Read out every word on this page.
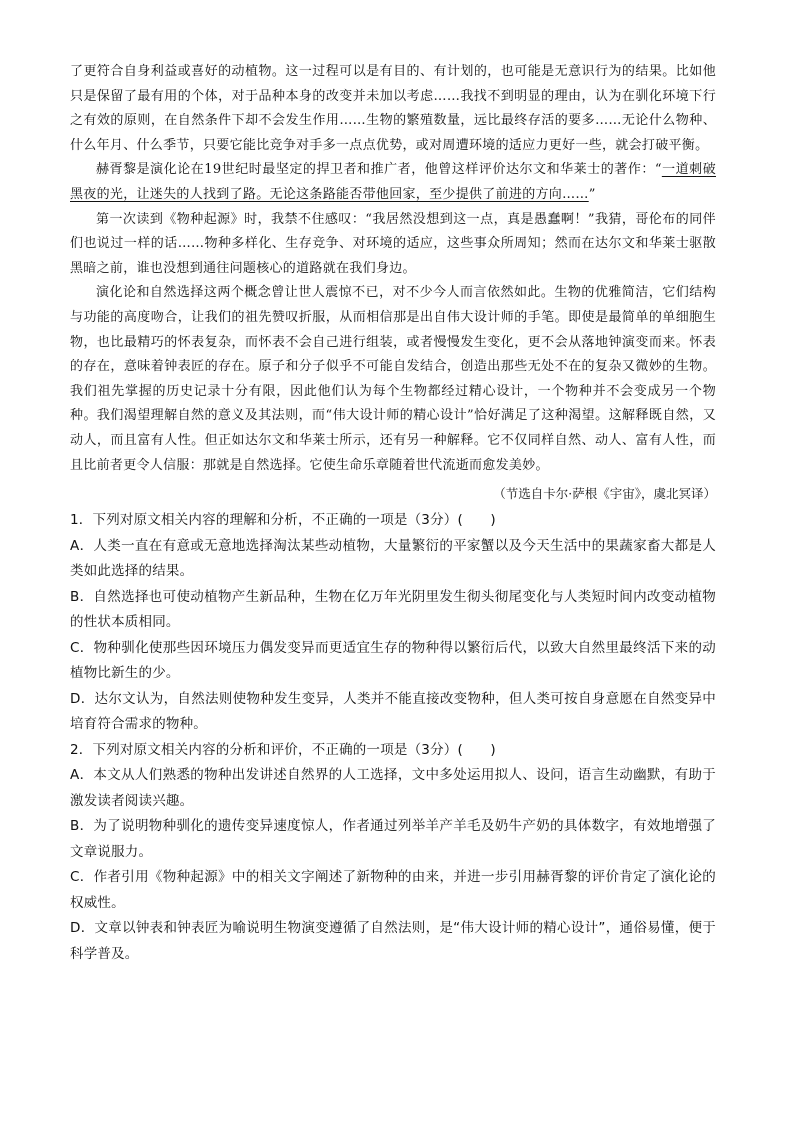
了更符合自身利益或喜好的动植物。这一过程可以是有目的、有计划的，也可能是无意识行为的结果。比如他只是保留了最有用的个体，对于品种本身的改变并未加以考虑……我找不到明显的理由，认为在驯化环境下行之有效的原则，在自然条件下却不会发生作用……生物的繁殖数量，远比最终存活的要多……无论什么物种、什么年月、什么季节，只要它能比竞争对手多一点点优势，或对周遭环境的适应力更好一些，就会打破平衡。

赫胥黎是演化论在19世纪时最坚定的捍卫者和推广者，他曾这样评价达尔文和华莱士的著作：“一道刺破黑夜的光，让迷失的人找到了路。无论这条路能否带他回家，至少提供了前进的方向……”

第一次读到《物种起源》时，我禁不住感叹：“我居然没想到这一点，真是愚蠢啊！”我猜，哥伦布的同伴们也说过一样的话……物种多样化、生存竞争、对环境的适应，这些事众所周知；然而在达尔文和华莱士驱散黑暗之前，谁也没想到通往问题核心的道路就在我们身边。

演化论和自然选择这两个概念曾让世人震惊不已，对不少今人而言依然如此。生物的优雅简洁，它们结构与功能的高度吻合，让我们的祖先赞叹折服，从而相信那是出自伟大设计师的手笔。即使是最简单的单细胞生物，也比最精巧的怀表复杂，而怀表不会自己进行组装，或者慢慢发生变化，更不会从落地钟演变而来。怀表的存在，意味着钟表匠的存在。原子和分子似乎不可能自发结合，创造出那些无处不在的复杂又微妙的生物。我们祖先掌握的历史记录十分有限，因此他们认为每个生物都经过精心设计，一个物种并不会变成另一个物种。我们渴望理解自然的意义及其法则，而“伟大设计师的精心设计”恰好满足了这种渴望。这解释既自然，又动人，而且富有人性。但正如达尔文和华莱士所示，还有另一种解释。它不仅同样自然、动人、富有人性，而且比前者更令人信服：那就是自然选择。它使生命乐章随着世代流逝而愈发美妙。

（节选自卡尔·萨根《宇宙》，虞北冥译）

1．下列对原文相关内容的理解和分析，不正确的一项是（3分）(　　)

A．人类一直在有意或无意地选择淘汰某些动植物，大量繁衍的平家蟹以及今天生活中的果蔬家畜大都是人类如此选择的结果。

B．自然选择也可使动植物产生新品种，生物在亿万年光阴里发生彻头彻尾变化与人类短时间内改变动植物的性状本质相同。

C．物种驯化使那些因环境压力偶发变异而更适宜生存的物种得以繁衍后代，以致大自然里最终活下来的动植物比新生的少。

D．达尔文认为，自然法则使物种发生变异，人类并不能直接改变物种，但人类可按自身意愿在自然变异中培育符合需求的物种。

2．下列对原文相关内容的分析和评价，不正确的一项是（3分）(　　)

A．本文从人们熟悉的物种出发讲述自然界的人工选择，文中多处运用拟人、设问，语言生动幽默，有助于激发读者阅读兴趣。

B．为了说明物种驯化的遗传变异速度惊人，作者通过列举羊产羊毛及奶牛产奶的具体数字，有效地增强了文章说服力。

C．作者引用《物种起源》中的相关文字阐述了新物种的由来，并进一步引用赫胥黎的评价肯定了演化论的权威性。

D．文章以钟表和钟表匠为喻说明生物演变遵循了自然法则，是“伟大设计师的精心设计”，通俗易懂，便于科学普及。
